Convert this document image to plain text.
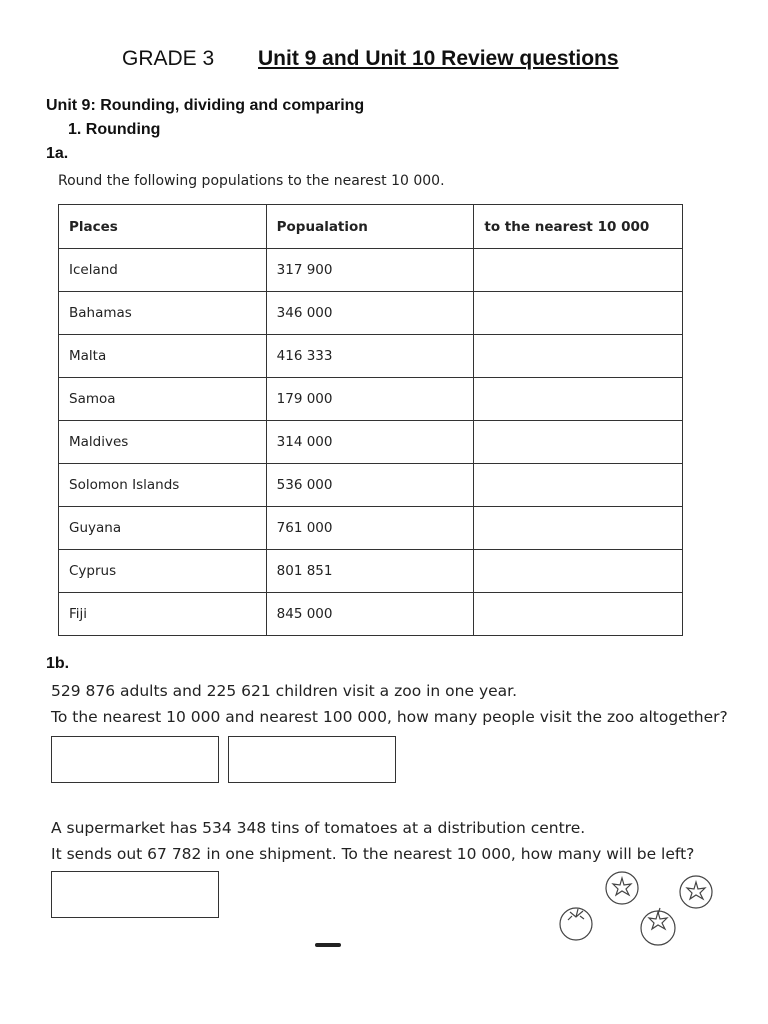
GRADE 3 Unit 9 and Unit 10 Review questions
Unit 9: Rounding, dividing and comparing
1. Rounding
1a.
Round the following populations to the nearest 10 000.
Places	Popualation	to the nearest 10 000
Iceland	317 900	
Bahamas	346 000	
Malta	416 333	
Samoa	179 000	
Maldives	314 000	
Solomon Islands	536 000	
Guyana	761 000	
Cyprus	801 851	
Fiji	845 000	
1b.
529 876 adults and 225 621 children visit a zoo in one year.
To the nearest 10 000 and nearest 100 000, how many people visit the zoo altogether?
A supermarket has 534 348 tins of tomatoes at a distribution centre.
It sends out 67 782 in one shipment. To the nearest 10 000, how many will be left?
